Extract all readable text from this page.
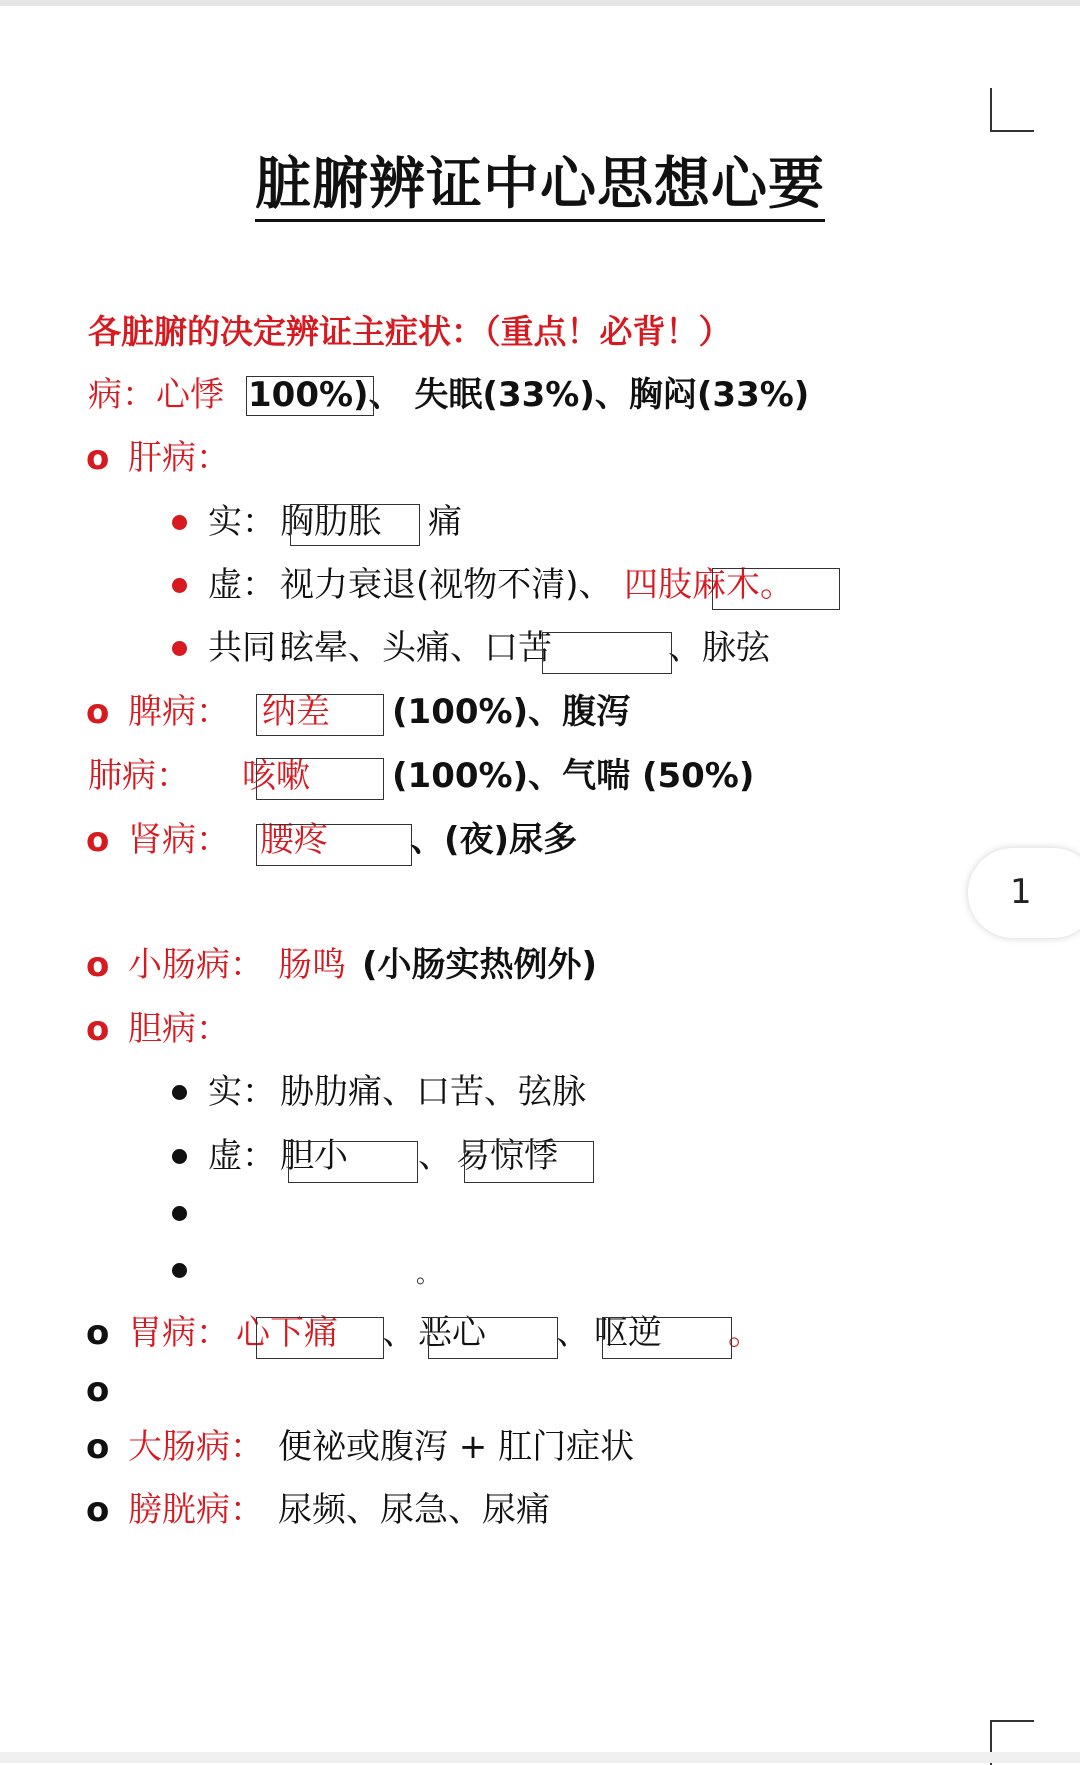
脏腑辨证中心思想心要
各脏腑的决定辨证主症状：（重点！必背！）
病：心悸 100%)、 失眠(33%)、胸闷(33%)
o 肝病：
实： 胸肋胀 痛
虚： 视力衰退(视物不清)、 四肢麻木。
共同：
眩晕、头痛、口苦	、脉弦
o 脾病： 纳差 (100%)、腹泻
肺病： 咳嗽 (100%)、气喘 (50%)
o 肾病： 腰疼 、(夜)尿多
o 小肠病： 肠鸣 (小肠实热例外)
o 胆病：
实： 胁肋痛、口苦、弦脉
虚： 胆小 、 易惊悸
。
o 胃病： 心下痛 、 恶心 、 呕逆 。
o
o 大肠病： 便祕或腹泻 + 肛门症状
o 膀胱病： 尿频、尿急、尿痛
1
